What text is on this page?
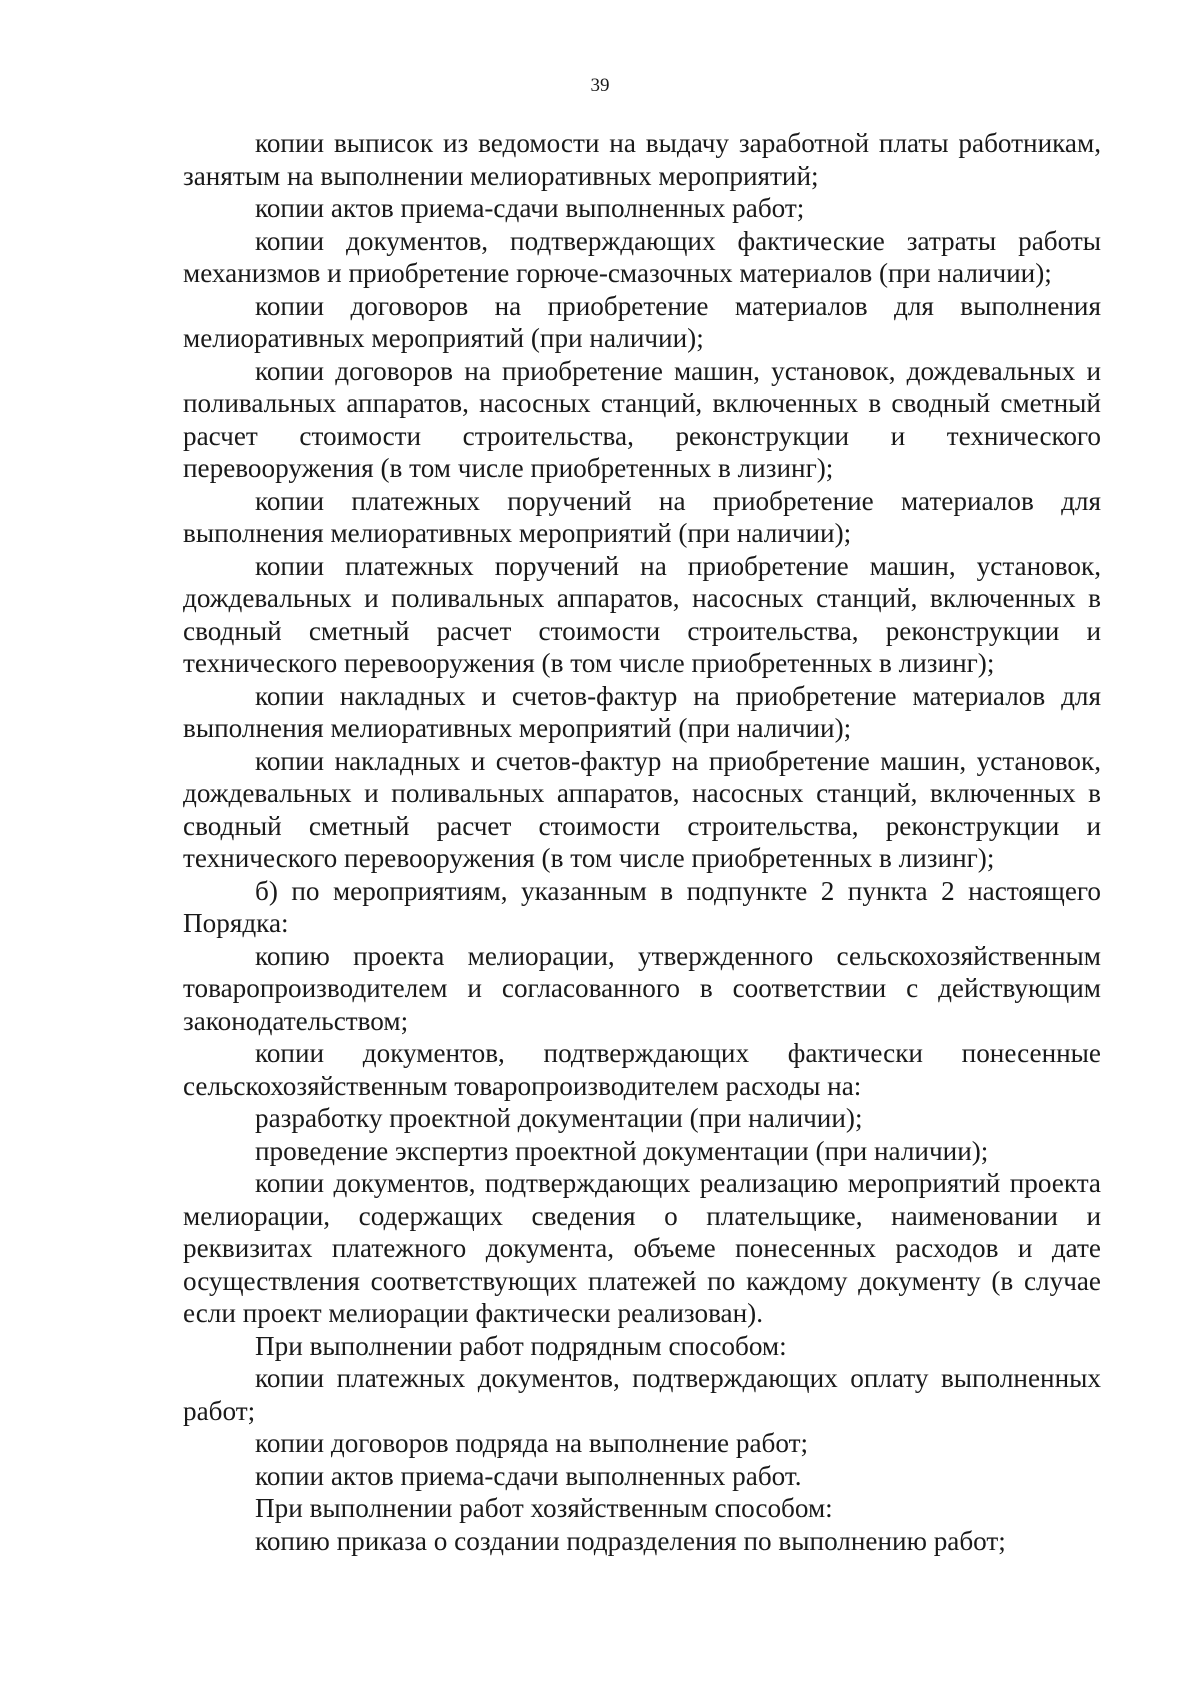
39

копии выписок из ведомости на выдачу заработной платы работникам, занятым на выполнении мелиоративных мероприятий;

копии актов приема-сдачи выполненных работ;

копии документов, подтверждающих фактические затраты работы механизмов и приобретение горюче-смазочных материалов (при наличии);

копии договоров на приобретение материалов для выполнения мелиоративных мероприятий (при наличии);

копии договоров на приобретение машин, установок, дождевальных и поливальных аппаратов, насосных станций, включенных в сводный сметный расчет стоимости строительства, реконструкции и технического перевооружения (в том числе приобретенных в лизинг);

копии платежных поручений на приобретение материалов для выполнения мелиоративных мероприятий (при наличии);

копии платежных поручений на приобретение машин, установок, дождевальных и поливальных аппаратов, насосных станций, включенных в сводный сметный расчет стоимости строительства, реконструкции и технического перевооружения (в том числе приобретенных в лизинг);

копии накладных и счетов-фактур на приобретение материалов для выполнения мелиоративных мероприятий (при наличии);

копии накладных и счетов-фактур на приобретение машин, установок, дождевальных и поливальных аппаратов, насосных станций, включенных в сводный сметный расчет стоимости строительства, реконструкции и технического перевооружения (в том числе приобретенных в лизинг);

б) по мероприятиям, указанным в подпункте 2 пункта 2 настоящего Порядка:

копию проекта мелиорации, утвержденного сельскохозяйственным товаропроизводителем и согласованного в соответствии с действующим законодательством;

копии документов, подтверждающих фактически понесенные сельскохозяйственным товаропроизводителем расходы на:

разработку проектной документации (при наличии);

проведение экспертиз проектной документации (при наличии);

копии документов, подтверждающих реализацию мероприятий проекта мелиорации, содержащих сведения о плательщике, наименовании и реквизитах платежного документа, объеме понесенных расходов и дате осуществления соответствующих платежей по каждому документу (в случае если проект мелиорации фактически реализован).

При выполнении работ подрядным способом:

копии платежных документов, подтверждающих оплату выполненных работ;

копии договоров подряда на выполнение работ;

копии актов приема-сдачи выполненных работ.

При выполнении работ хозяйственным способом:

копию приказа о создании подразделения по выполнению работ;
